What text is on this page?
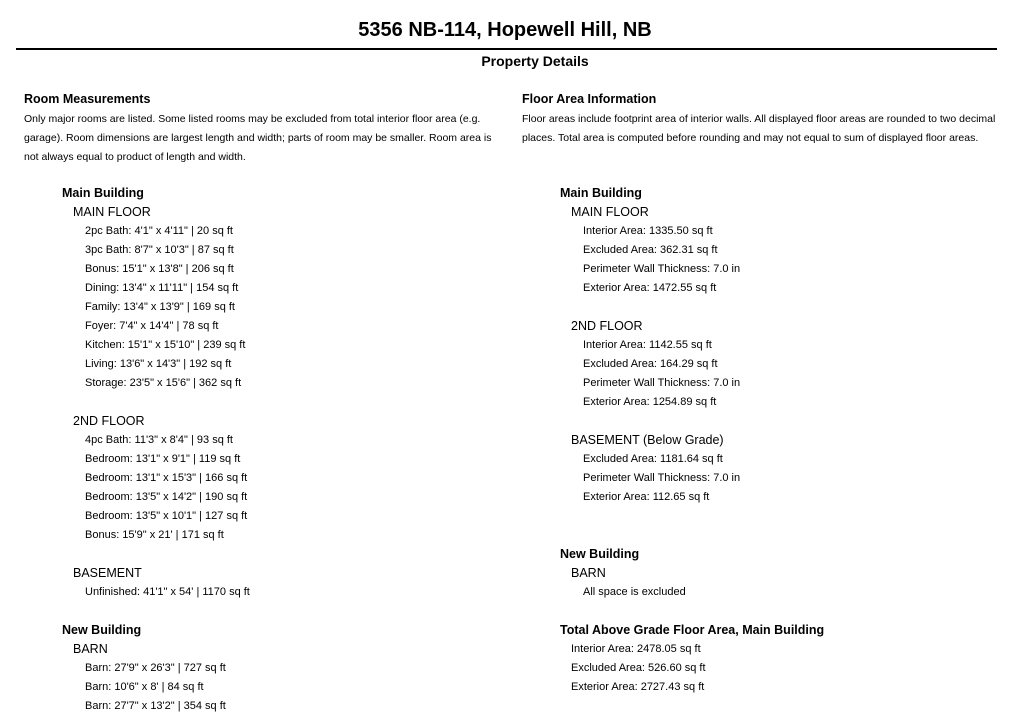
5356 NB-114, Hopewell Hill, NB
Property Details
Room Measurements
Only major rooms are listed. Some listed rooms may be excluded from total interior floor area (e.g. garage). Room dimensions are largest length and width; parts of room may be smaller. Room area is not always equal to product of length and width.
Main Building
MAIN FLOOR
2pc Bath: 4'1" x 4'11" | 20 sq ft
3pc Bath: 8'7" x 10'3" | 87 sq ft
Bonus: 15'1" x 13'8" | 206 sq ft
Dining: 13'4" x 11'11" | 154 sq ft
Family: 13'4" x 13'9" | 169 sq ft
Foyer: 7'4" x 14'4" | 78 sq ft
Kitchen: 15'1" x 15'10" | 239 sq ft
Living: 13'6" x 14'3" | 192 sq ft
Storage: 23'5" x 15'6" | 362 sq ft
2ND FLOOR
4pc Bath: 11'3" x 8'4" | 93 sq ft
Bedroom: 13'1" x 9'1" | 119 sq ft
Bedroom: 13'1" x 15'3" | 166 sq ft
Bedroom: 13'5" x 14'2" | 190 sq ft
Bedroom: 13'5" x 10'1" | 127 sq ft
Bonus: 15'9" x 21' | 171 sq ft
BASEMENT
Unfinished: 41'1" x 54' | 1170 sq ft
New Building
BARN
Barn: 27'9" x 26'3" | 727 sq ft
Barn: 10'6" x 8' | 84 sq ft
Barn: 27'7" x 13'2" | 354 sq ft
Floor Area Information
Floor areas include footprint area of interior walls. All displayed floor areas are rounded to two decimal places. Total area is computed before rounding and may not equal to sum of displayed floor areas.
Main Building
MAIN FLOOR
Interior Area: 1335.50 sq ft
Excluded Area: 362.31 sq ft
Perimeter Wall Thickness: 7.0 in
Exterior Area: 1472.55 sq ft
2ND FLOOR
Interior Area: 1142.55 sq ft
Excluded Area: 164.29 sq ft
Perimeter Wall Thickness: 7.0 in
Exterior Area: 1254.89 sq ft
BASEMENT (Below Grade)
Excluded Area: 1181.64 sq ft
Perimeter Wall Thickness: 7.0 in
Exterior Area: 112.65 sq ft
New Building
BARN
All space is excluded
Total Above Grade Floor Area, Main Building
Interior Area: 2478.05 sq ft
Excluded Area: 526.60 sq ft
Exterior Area: 2727.43 sq ft
